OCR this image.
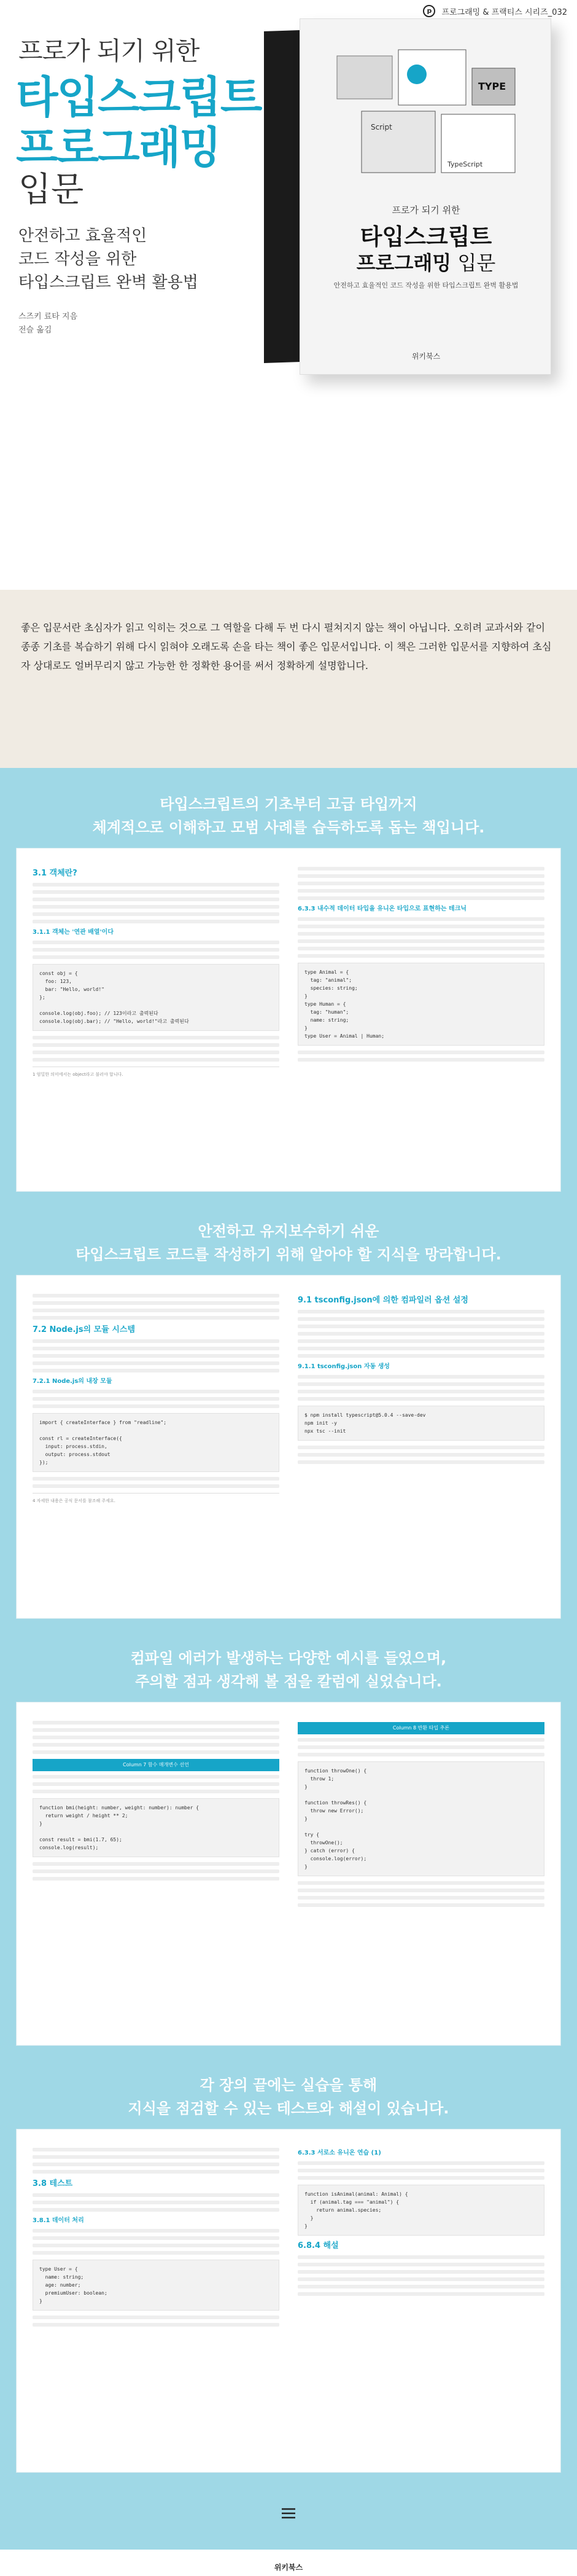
p	프로그래밍 & 프랙티스 시리즈_032
프로가 되기 위한
타입스크립트
프로그래밍
입문
안전하고 효율적인
코드 작성을 위한
타입스크립트 완벽 활용법
스즈키 료타 지음
전슬 옮김
TYPE
Script
TypeScript
프로가 되기 위한
타입스크립트
프로그래밍 입문
안전하고 효율적인 코드 작성을 위한 타입스크립트 완벽 활용법
위키북스

좋은 입문서란 초심자가 읽고 익히는 것으로 그 역할을 다해 두 번 다시 펼쳐지지 않는 책이 아닙니다. 오히려 교과서와 같이 종종 기초를 복습하기 위해 다시 읽혀야 오래도록 손을 타는 책이 좋은 입문서입니다. 이 책은 그러한 입문서를 지향하여 초심자 상대로도 얼버무리지 않고 가능한 한 정확한 용어를 써서 정확하게 설명합니다.

타입스크립트의 기초부터 고급 타입까지
체계적으로 이해하고 모범 사례를 습득하도록 돕는 책입니다.
3.1 객체란?
3.1.1 객체는 '연관 배열'이다
const obj = {
foo: 123,
bar: "Hello, world!"
};

console.log(obj.foo); // 123이라고 출력된다
console.log(obj.bar); // "Hello, world!"라고 출력된다
1 엄밀한 의미에서는 object라고 불러야 합니다.
6.3.3 내수적 데이터 타입을 유니온 타입으로 표현하는 테크닉
type Animal = {
tag: "animal";
species: string;
}
type Human = {
tag: "human";
name: string;
}
type User = Animal | Human;
안전하고 유지보수하기 쉬운
타입스크립트 코드를 작성하기 위해 알아야 할 지식을 망라합니다.
7.2 Node.js의 모듈 시스템
7.2.1 Node.js의 내장 모듈
import { createInterface } from "readline";

const rl = createInterface({
input: process.stdin,
output: process.stdout
});
4 자세한 내용은 공식 문서를 참조해 주세요.
9.1 tsconfig.json에 의한 컴파일러 옵션 설정
9.1.1 tsconfig.json 자동 생성
$ npm install typescript@5.0.4 --save-dev
npm init -y
npx tsc --init
컴파일 에러가 발생하는 다양한 예시를 들었으며,
주의할 점과 생각해 볼 점을 칼럼에 실었습니다.
Column 7 함수 매개변수 선언
function bmi(height: number, weight: number): number {
return weight / height ** 2;
}

const result = bmi(1.7, 65);
console.log(result);
Column 8 반환 타입 추론
function throwOne() {
throw 1;
}

function throwRes() {
throw new Error();
}

try {
throwOne();
} catch (error) {
console.log(error);
}
각 장의 끝에는 실습을 통해
지식을 점검할 수 있는 테스트와 해설이 있습니다.
3.8 테스트
3.8.1 데이터 처리
type User = {
name: string;
age: number;
premiumUser: boolean;
}
6.3.3 서로소 유니온 연습 (1)
function isAnimal(animal: Animal) {
if (animal.tag === "animal") {
return animal.species;
}
}
6.8.4 해설
위키북스
